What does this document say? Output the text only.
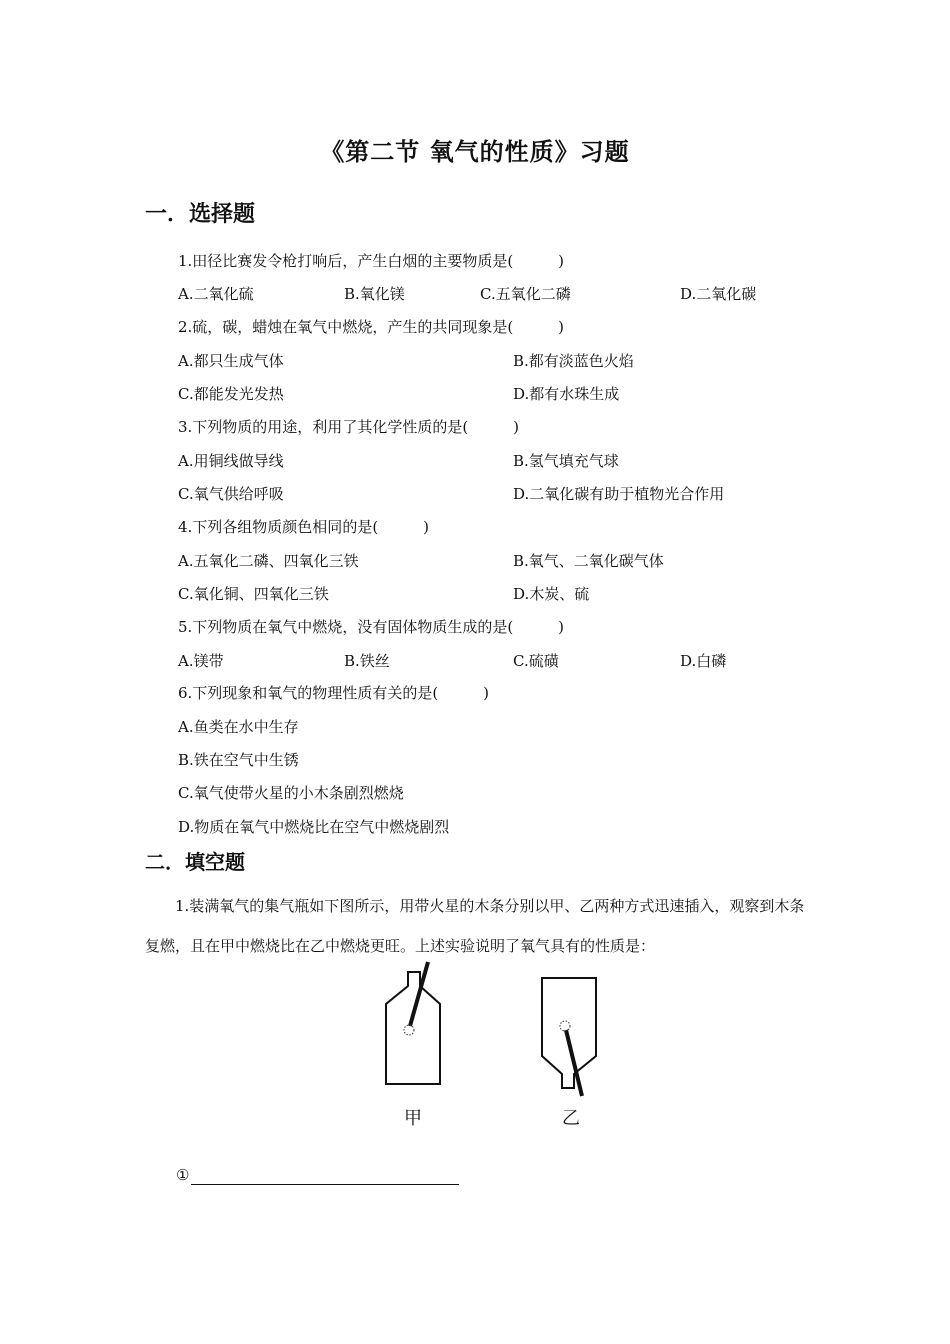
《第二节 氧气的性质》习题
一．选择题
1.田径比赛发令枪打响后，产生白烟的主要物质是(　　　)
A.二氧化硫	B.氧化镁	C.五氧化二磷	D.二氧化碳
2.硫，碳，蜡烛在氧气中燃烧，产生的共同现象是(　　　)
A.都只生成气体	B.都有淡蓝色火焰
C.都能发光发热	D.都有水珠生成
3.下列物质的用途，利用了其化学性质的是(　　　)
A.用铜线做导线	B.氢气填充气球
C.氧气供给呼吸	D.二氧化碳有助于植物光合作用
4.下列各组物质颜色相同的是(　　　)
A.五氧化二磷、四氧化三铁	B.氧气、二氧化碳气体
C.氧化铜、四氧化三铁	D.木炭、硫
5.下列物质在氧气中燃烧，没有固体物质生成的是(　　　)
A.镁带	B.铁丝	C.硫磺	D.白磷
6.下列现象和氧气的物理性质有关的是(　　　)
A.鱼类在水中生存
B.铁在空气中生锈
C.氧气使带火星的小木条剧烈燃烧
D.物质在氧气中燃烧比在空气中燃烧剧烈
二．填空题
1.装满氧气的集气瓶如下图所示，用带火星的木条分别以甲、乙两种方式迅速插入，观察到木条复燃，且在甲中燃烧比在乙中燃烧更旺。上述实验说明了氧气具有的性质是：
甲	乙
①
